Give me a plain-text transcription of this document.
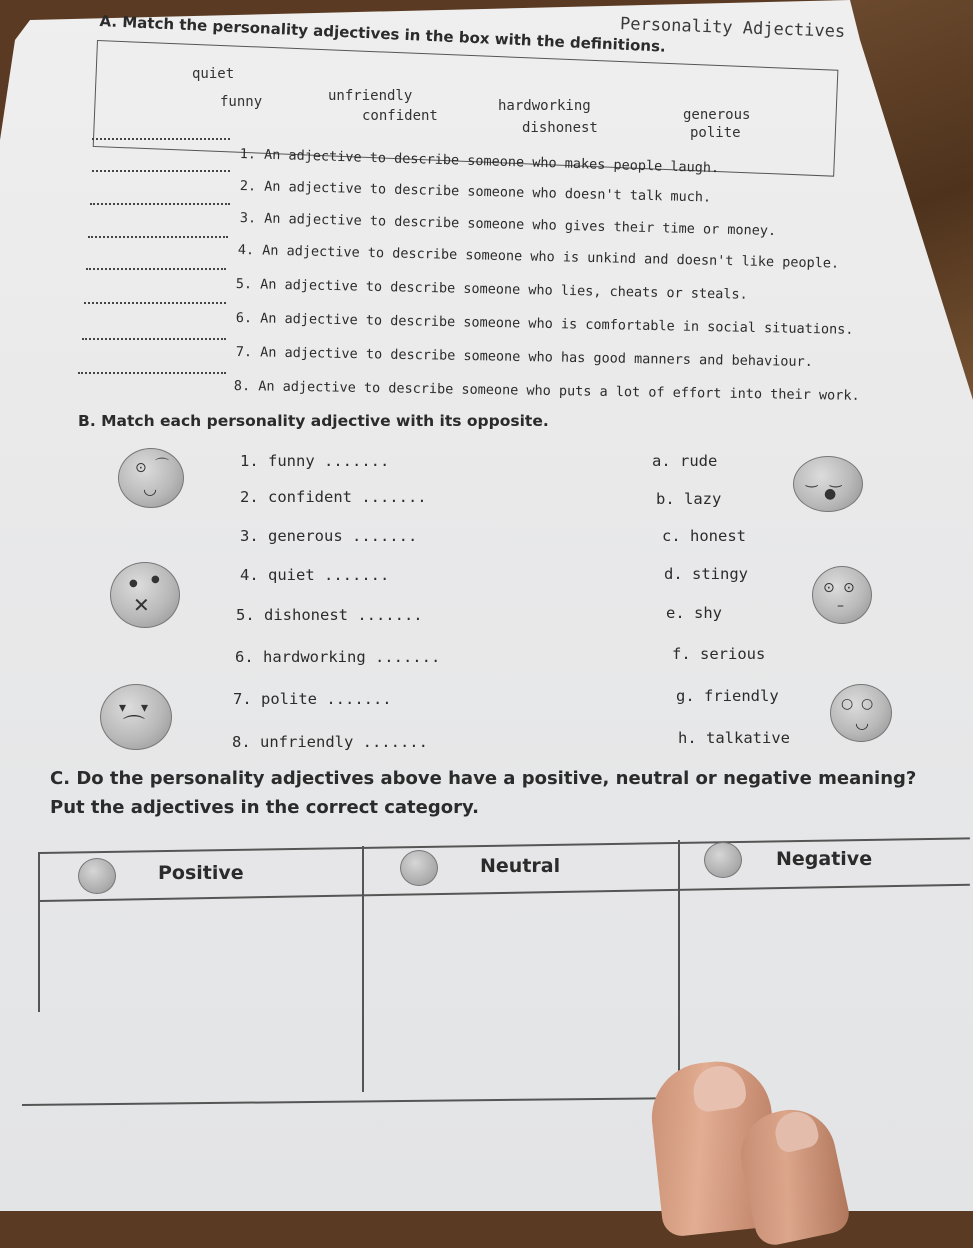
Personality Adjectives
A. Match the personality adjectives in the box with the definitions.
quiet
unfriendly
funny
confident
hardworking
dishonest
generous
polite
1. An adjective to describe someone who makes people laugh.
2. An adjective to describe someone who doesn't talk much.
3. An adjective to describe someone who gives their time or money.
4. An adjective to describe someone who is unkind and doesn't like people.
5. An adjective to describe someone who lies, cheats or steals.
6. An adjective to describe someone who is comfortable in social situations.
7. An adjective to describe someone who has good manners and behaviour.
8. An adjective to describe someone who puts a lot of effort into their work.
B. Match each personality adjective with its opposite.
1. funny .......
2. confident .......
3. generous .......
4. quiet .......
5. dishonest .......
6. hardworking .......
7. polite .......
8. unfriendly .......
a. rude
b. lazy
c. honest
d. stingy
e. shy
f. serious
g. friendly
h. talkative
⊙ ⌒
◡	‿ ‿
●
● ●
✕
⊙ ⊙
–
▾ ▾
⌒
○ ○
◡
C. Do the personality adjectives above have a positive, neutral or negative meaning?
Put the adjectives in the correct category.
Positive	Neutral	Negative
